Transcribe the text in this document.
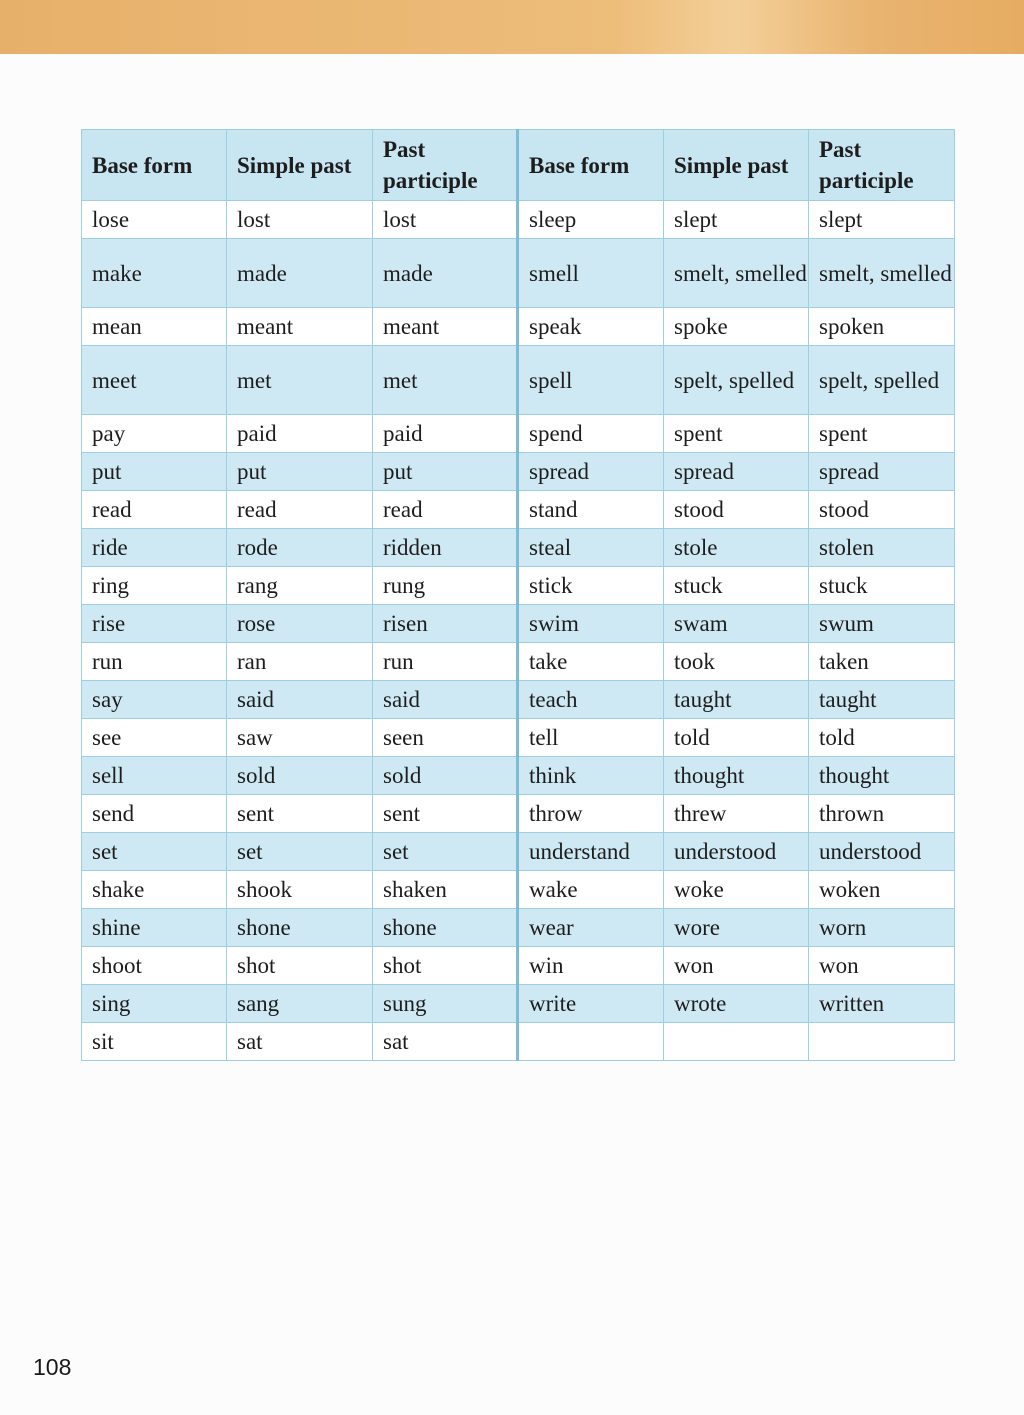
Base form	Simple past	Past participle	Base form	Simple past	Past participle
lose	lost	lost	sleep	slept	slept
make	made	made	smell	smelt, smelled	smelt, smelled
mean	meant	meant	speak	spoke	spoken
meet	met	met	spell	spelt, spelled	spelt, spelled
pay	paid	paid	spend	spent	spent
put	put	put	spread	spread	spread
read	read	read	stand	stood	stood
ride	rode	ridden	steal	stole	stolen
ring	rang	rung	stick	stuck	stuck
rise	rose	risen	swim	swam	swum
run	ran	run	take	took	taken
say	said	said	teach	taught	taught
see	saw	seen	tell	told	told
sell	sold	sold	think	thought	thought
send	sent	sent	throw	threw	thrown
set	set	set	understand	understood	understood
shake	shook	shaken	wake	woke	woken
shine	shone	shone	wear	wore	worn
shoot	shot	shot	win	won	won
sing	sang	sung	write	wrote	written
sit	sat	sat			
108
